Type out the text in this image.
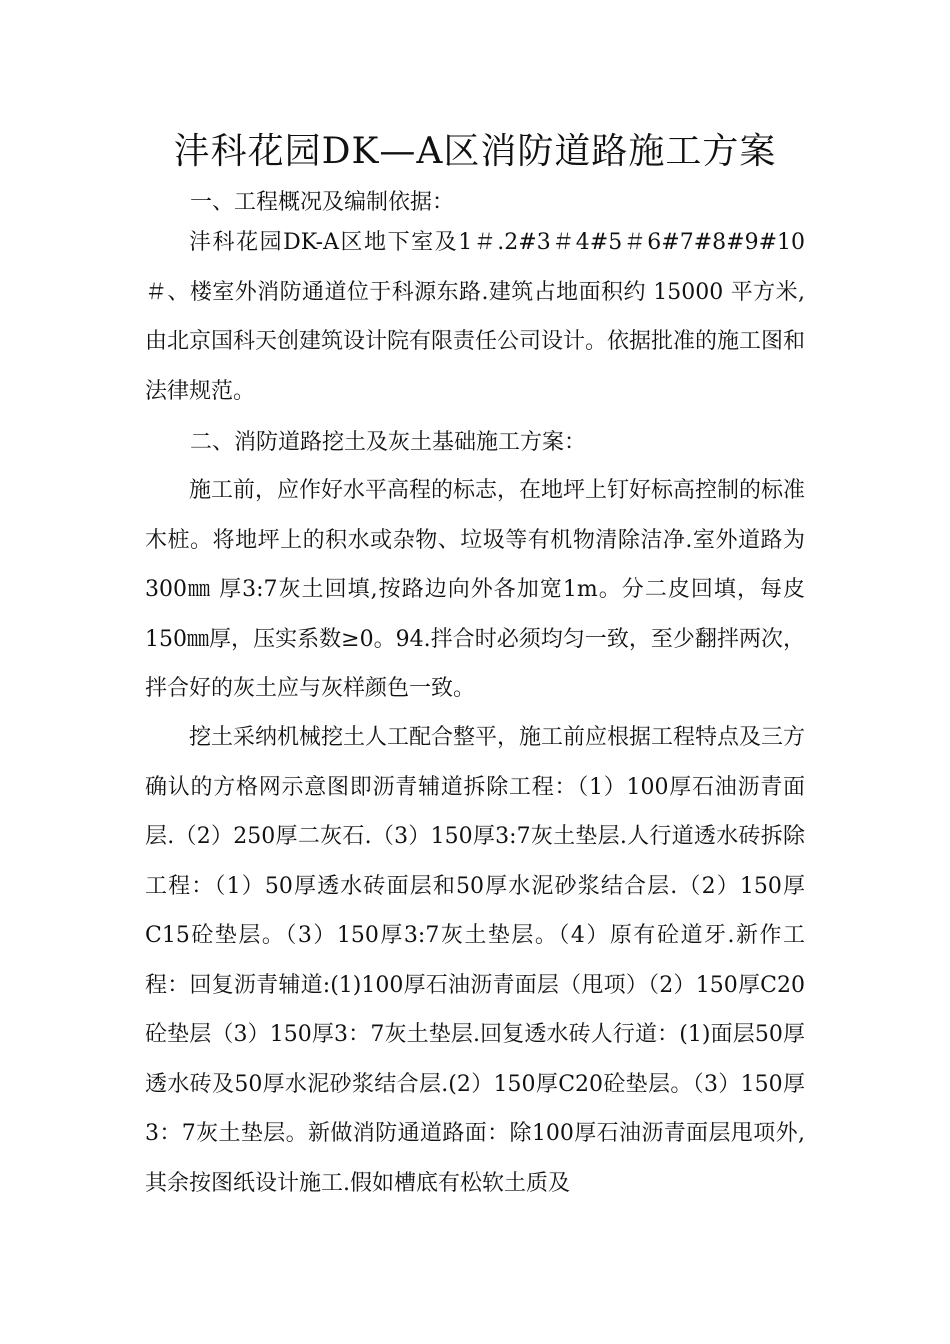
沣科花园DK—A区消防道路施工方案
一、工程概况及编制依据：

沣科花园DK-A区地下室及1＃.2#3＃4#5＃6#7#8#9#10＃、楼室外消防通道位于科源东路.建筑占地面积约 15000 平方米,由北京国科天创建筑设计院有限责任公司设计。依据批准的施工图和法律规范。

二、消防道路挖土及灰土基础施工方案：

施工前，应作好水平高程的标志，在地坪上钉好标高控制的标准木桩。将地坪上的积水或杂物、垃圾等有机物清除洁净.室外道路为300㎜ 厚3:7灰土回填,按路边向外各加宽1m。分二皮回填，每皮150㎜厚，压实系数≥0。94.拌合时必须均匀一致，至少翻拌两次，拌合好的灰土应与灰样颜色一致。

挖土采纳机械挖土人工配合整平，施工前应根据工程特点及三方确认的方格网示意图即沥青辅道拆除工程：（1）100厚石油沥青面层.（2）250厚二灰石.（3）150厚3:7灰土垫层.人行道透水砖拆除工程：（1）50厚透水砖面层和50厚水泥砂浆结合层.（2）150厚C15砼垫层。（3）150厚3:7灰土垫层。（4）原有砼道牙.新作工程：回复沥青辅道:(1)100厚石油沥青面层（甩项）（2）150厚C20砼垫层（3）150厚3：7灰土垫层.回复透水砖人行道：(1)面层50厚透水砖及50厚水泥砂浆结合层.(2）150厚C20砼垫层。（3）150厚3：7灰土垫层。新做消防通道路面：除100厚石油沥青面层甩项外,其余按图纸设计施工.假如槽底有松软土质及
